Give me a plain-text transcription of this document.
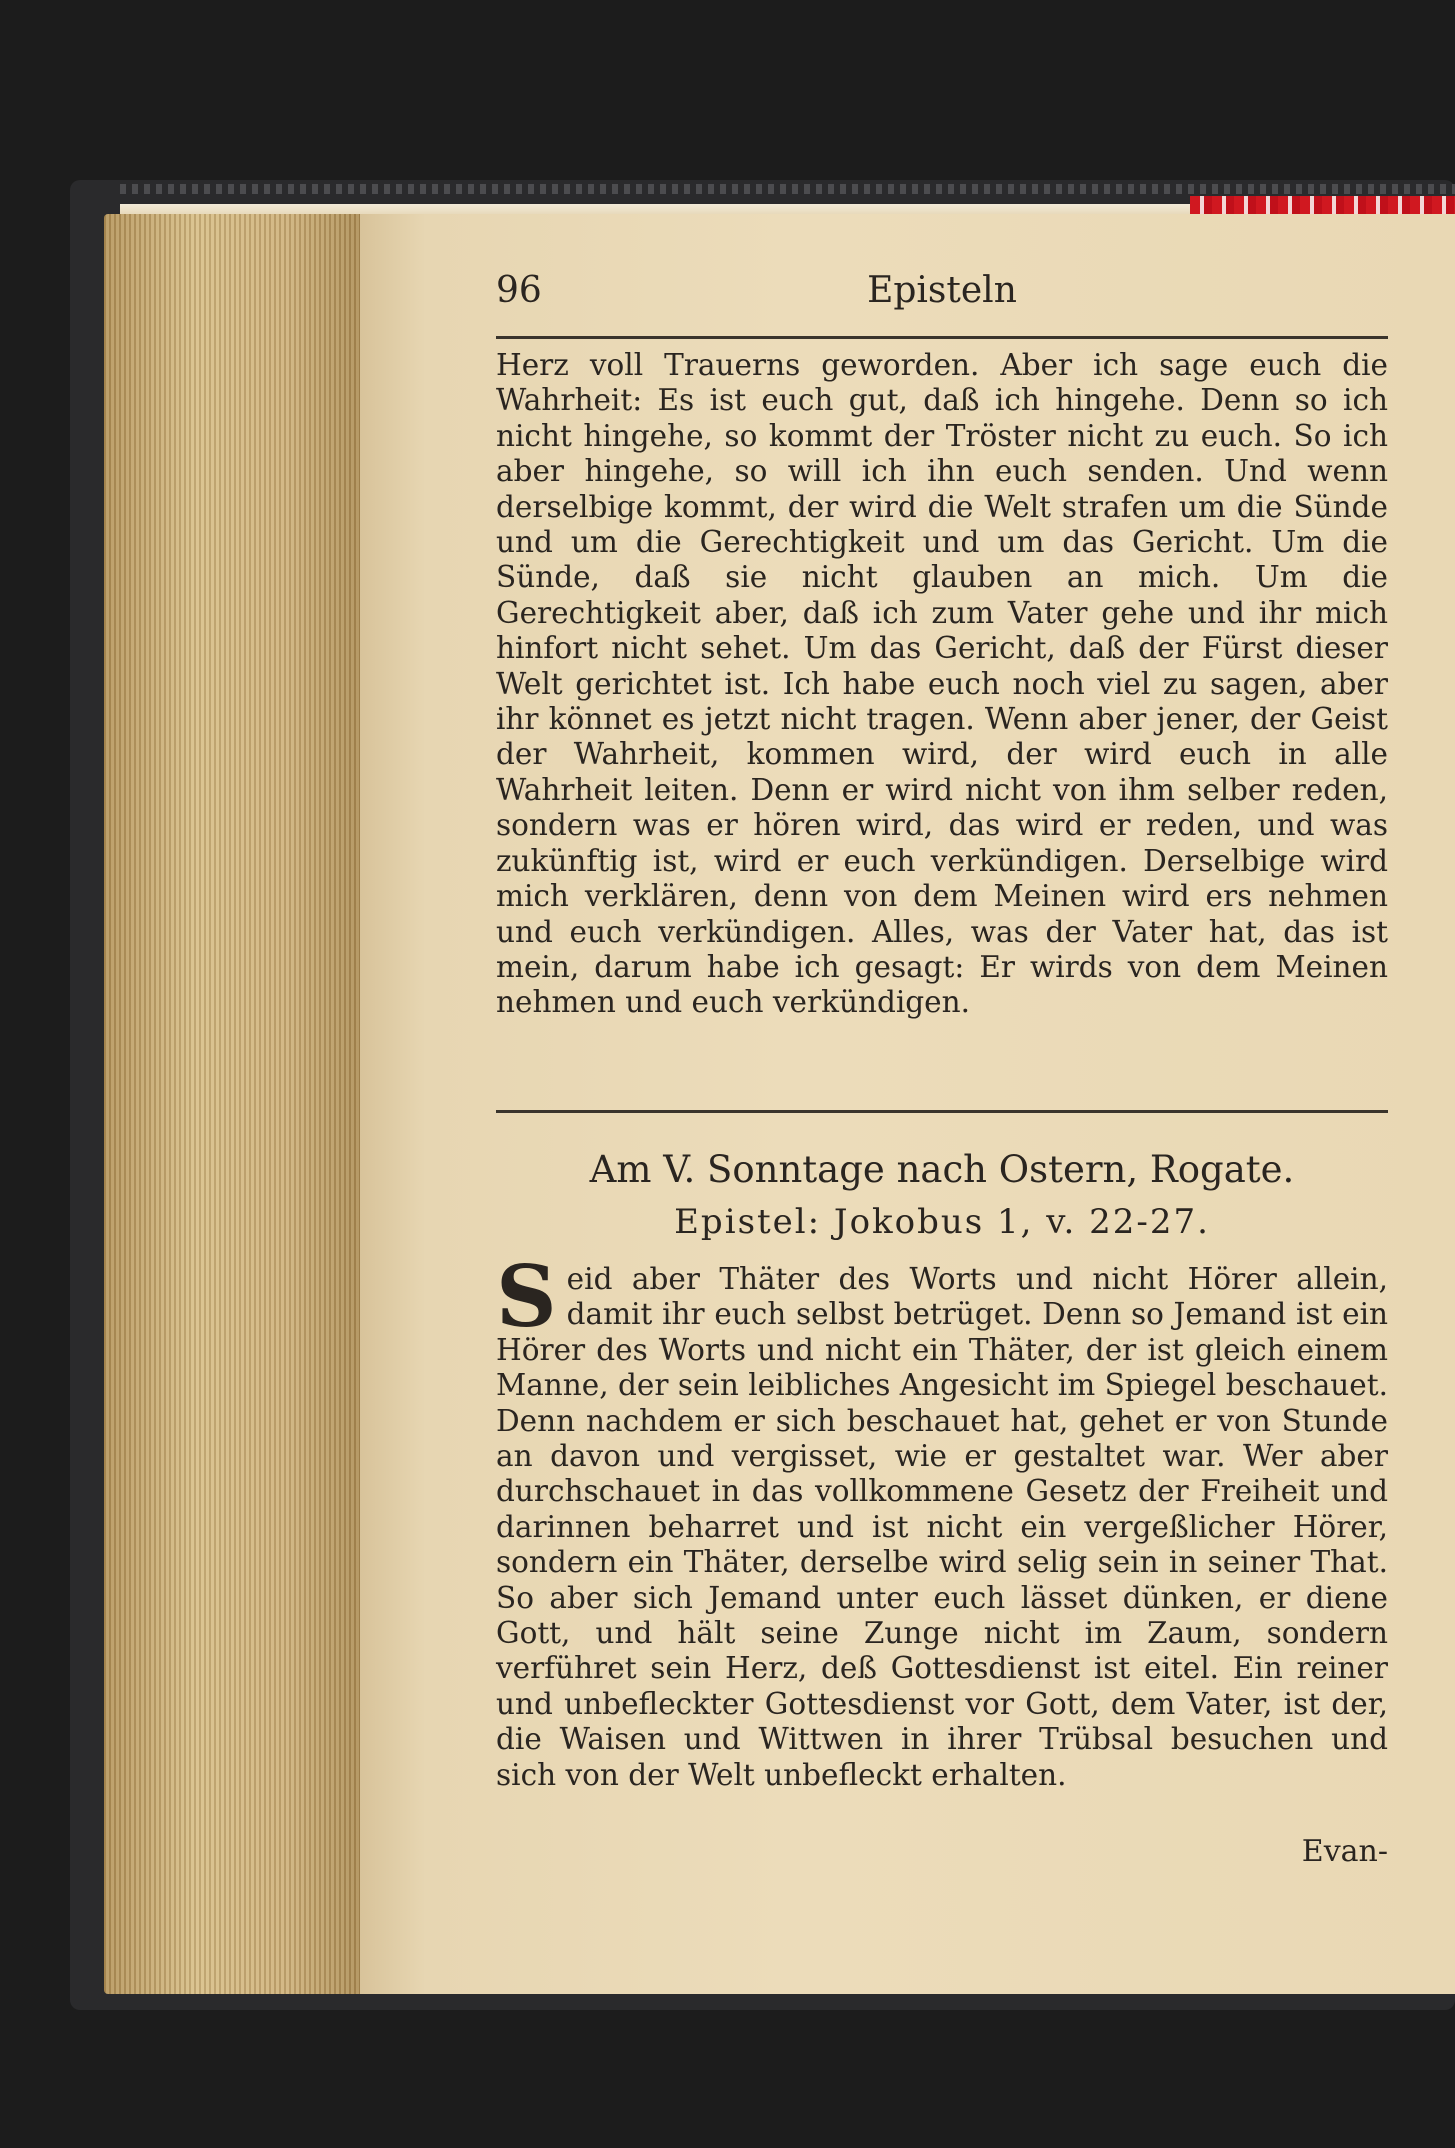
96	Episteln

Herz voll Trauerns geworden. Aber ich sage euch die Wahrheit: Es ist euch gut, daß ich hingehe. Denn so ich nicht hingehe, so kommt der Tröster nicht zu euch. So ich aber hingehe, so will ich ihn euch senden. Und wenn derselbige kommt, der wird die Welt strafen um die Sünde und um die Gerechtigkeit und um das Gericht. Um die Sünde, daß sie nicht glauben an mich. Um die Gerechtigkeit aber, daß ich zum Vater gehe und ihr mich hinfort nicht sehet. Um das Gericht, daß der Fürst dieser Welt gerichtet ist. Ich habe euch noch viel zu sagen, aber ihr könnet es jetzt nicht tragen. Wenn aber jener, der Geist der Wahrheit, kommen wird, der wird euch in alle Wahrheit leiten. Denn er wird nicht von ihm selber reden, sondern was er hören wird, das wird er reden, und was zukünftig ist, wird er euch verkündigen. Derselbige wird mich verklären, denn von dem Meinen wird ers nehmen und euch verkündigen. Alles, was der Vater hat, das ist mein, darum habe ich gesagt: Er wirds von dem Meinen nehmen und euch verkündigen.

Am V. Sonntage nach Ostern, Rogate.
Epistel: Jokobus 1, v. 22-27.

Seid aber Thäter des Worts und nicht Hörer allein, damit ihr euch selbst betrüget. Denn so Jemand ist ein Hörer des Worts und nicht ein Thäter, der ist gleich einem Manne, der sein leibliches Angesicht im Spiegel beschauet. Denn nachdem er sich beschauet hat, gehet er von Stunde an davon und vergisset, wie er gestaltet war. Wer aber durchschauet in das vollkommene Gesetz der Freiheit und darinnen beharret und ist nicht ein vergeßlicher Hörer, sondern ein Thäter, derselbe wird selig sein in seiner That. So aber sich Jemand unter euch lässet dünken, er diene Gott, und hält seine Zunge nicht im Zaum, sondern verführet sein Herz, deß Gottesdienst ist eitel. Ein reiner und unbefleckter Gottesdienst vor Gott, dem Vater, ist der, die Waisen und Wittwen in ihrer Trübsal besuchen und sich von der Welt unbefleckt erhalten.

Evan-
